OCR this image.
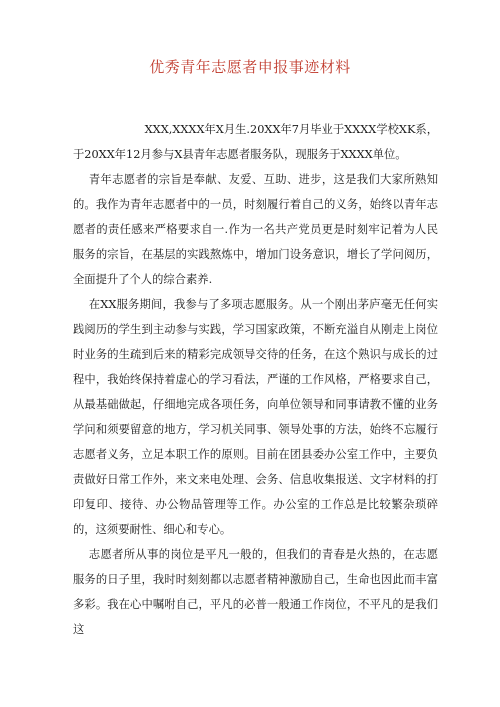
优秀青年志愿者申报事迹材料

XXX,XXXX年X月生.20XX年7月毕业于XXXX学校XK系，
于20XX年12月参与X县青年志愿者服务队，现服务于XXXX单位。

青年志愿者的宗旨是奉献、友爱、互助、进步，这是我们大家所熟知的。我作为青年志愿者中的一员，时刻履行着自己的义务，始终以青年志愿者的责任感来严格要求自一.作为一名共产党员更是时刻牢记着为人民服务的宗旨，在基层的实践熬炼中，增加门设务意识，增长了学问阅历，全面提升了个人的综合素养.

在XX服务期间，我参与了多项志愿服务。从一个刚出茅庐毫无任何实践阅历的学生到主动参与实践，学习国家政策，不断充溢自从刚走上岗位时业务的生疏到后来的精彩完成领导交待的任务，在这个熟识与成长的过程中，我始终保持着虚心的学习看法，严谨的工作风格，严格要求自己，从最基础做起，仔细地完成各项任务，向单位领导和同事请教不懂的业务学问和须要留意的地方，学习机关同事、领导处事的方法，始终不忘履行志愿者义务，立足本职工作的原则。目前在团县委办公室工作中，主要负责做好日常工作外，来文来电处理、会务、信息收集报送、文字材料的打印复印、接待、办公物品管理等工作。办公室的工作总是比较繁杂琐碎的，这须要耐性、细心和专心。

志愿者所从事的岗位是平凡一般的，但我们的青春是火热的，在志愿服务的日子里，我时时刻刻都以志愿者精神激励自己，生命也因此而丰富多彩。我在心中嘱咐自己，平凡的必普一般通工作岗位，不平凡的是我们这
